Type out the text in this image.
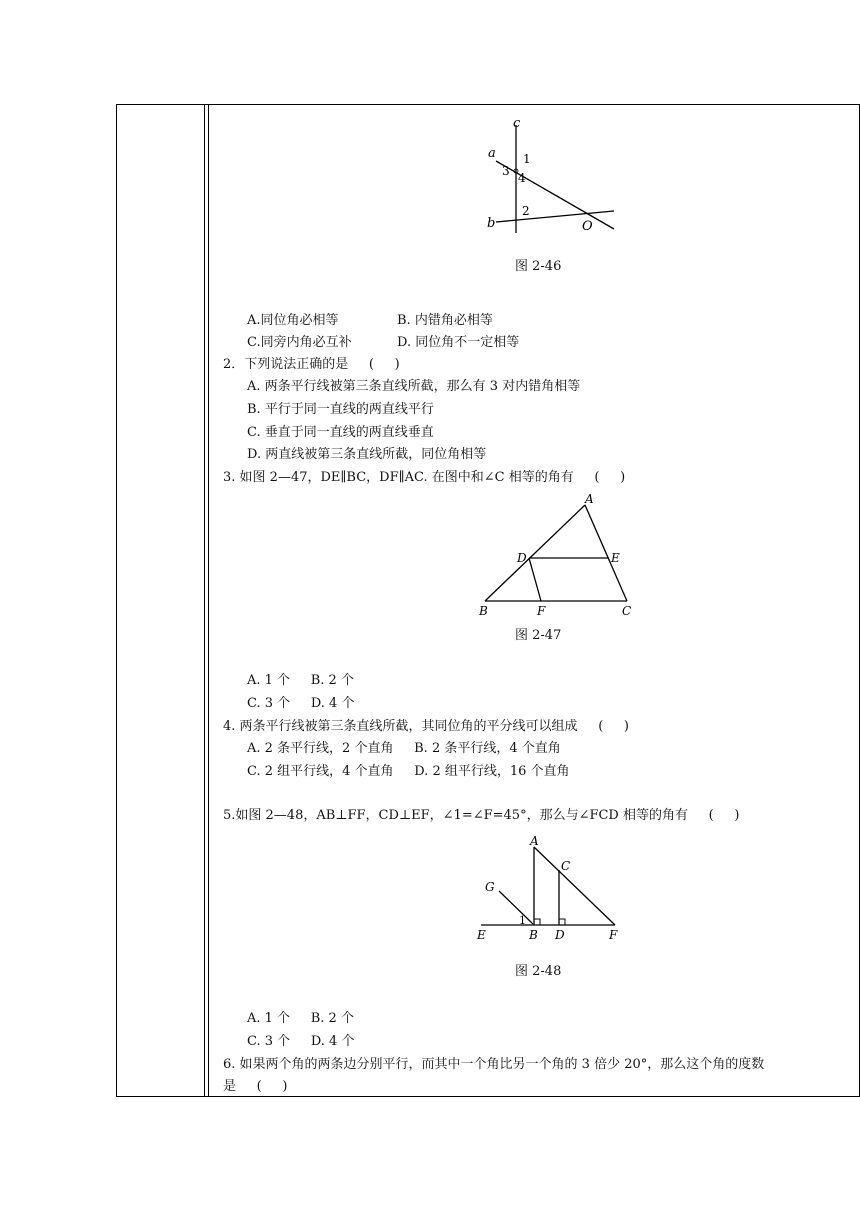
c
a 1
3 4
2
b	O
图 2-46
A.同位角必相等	B. 内错角必相等
C.同旁内角必互补	D. 同位角不一定相等
2．下列说法正确的是     (     )
A. 两条平行线被第三条直线所截，那么有 3 对内错角相等
B. 平行于同一直线的两直线平行
C. 垂直于同一直线的两直线垂直
D. 两直线被第三条直线所截，同位角相等
3. 如图 2—47，DE∥BC，DF∥AC. 在图中和∠C 相等的角有     (     )
A
D	E
B	F	C
图 2-47
A. 1 个     B. 2 个
C. 3 个     D. 4 个
4. 两条平行线被第三条直线所截，其同位角的平分线可以组成     (     )
A. 2 条平行线，2 个直角     B. 2 条平行线，4 个直角
C. 2 组平行线，4 个直角     D. 2 组平行线，16 个直角
5.如图 2—48，AB⊥FF，CD⊥EF，∠1=∠F=45°，那么与∠FCD 相等的角有     (     )
A
C
G
1
E	B D	F
图 2-48
A. 1 个     B. 2 个
C. 3 个     D. 4 个
6. 如果两个角的两条边分别平行，而其中一个角比另一个角的 3 倍少 20°，那么这个角的度数
是     (     )
